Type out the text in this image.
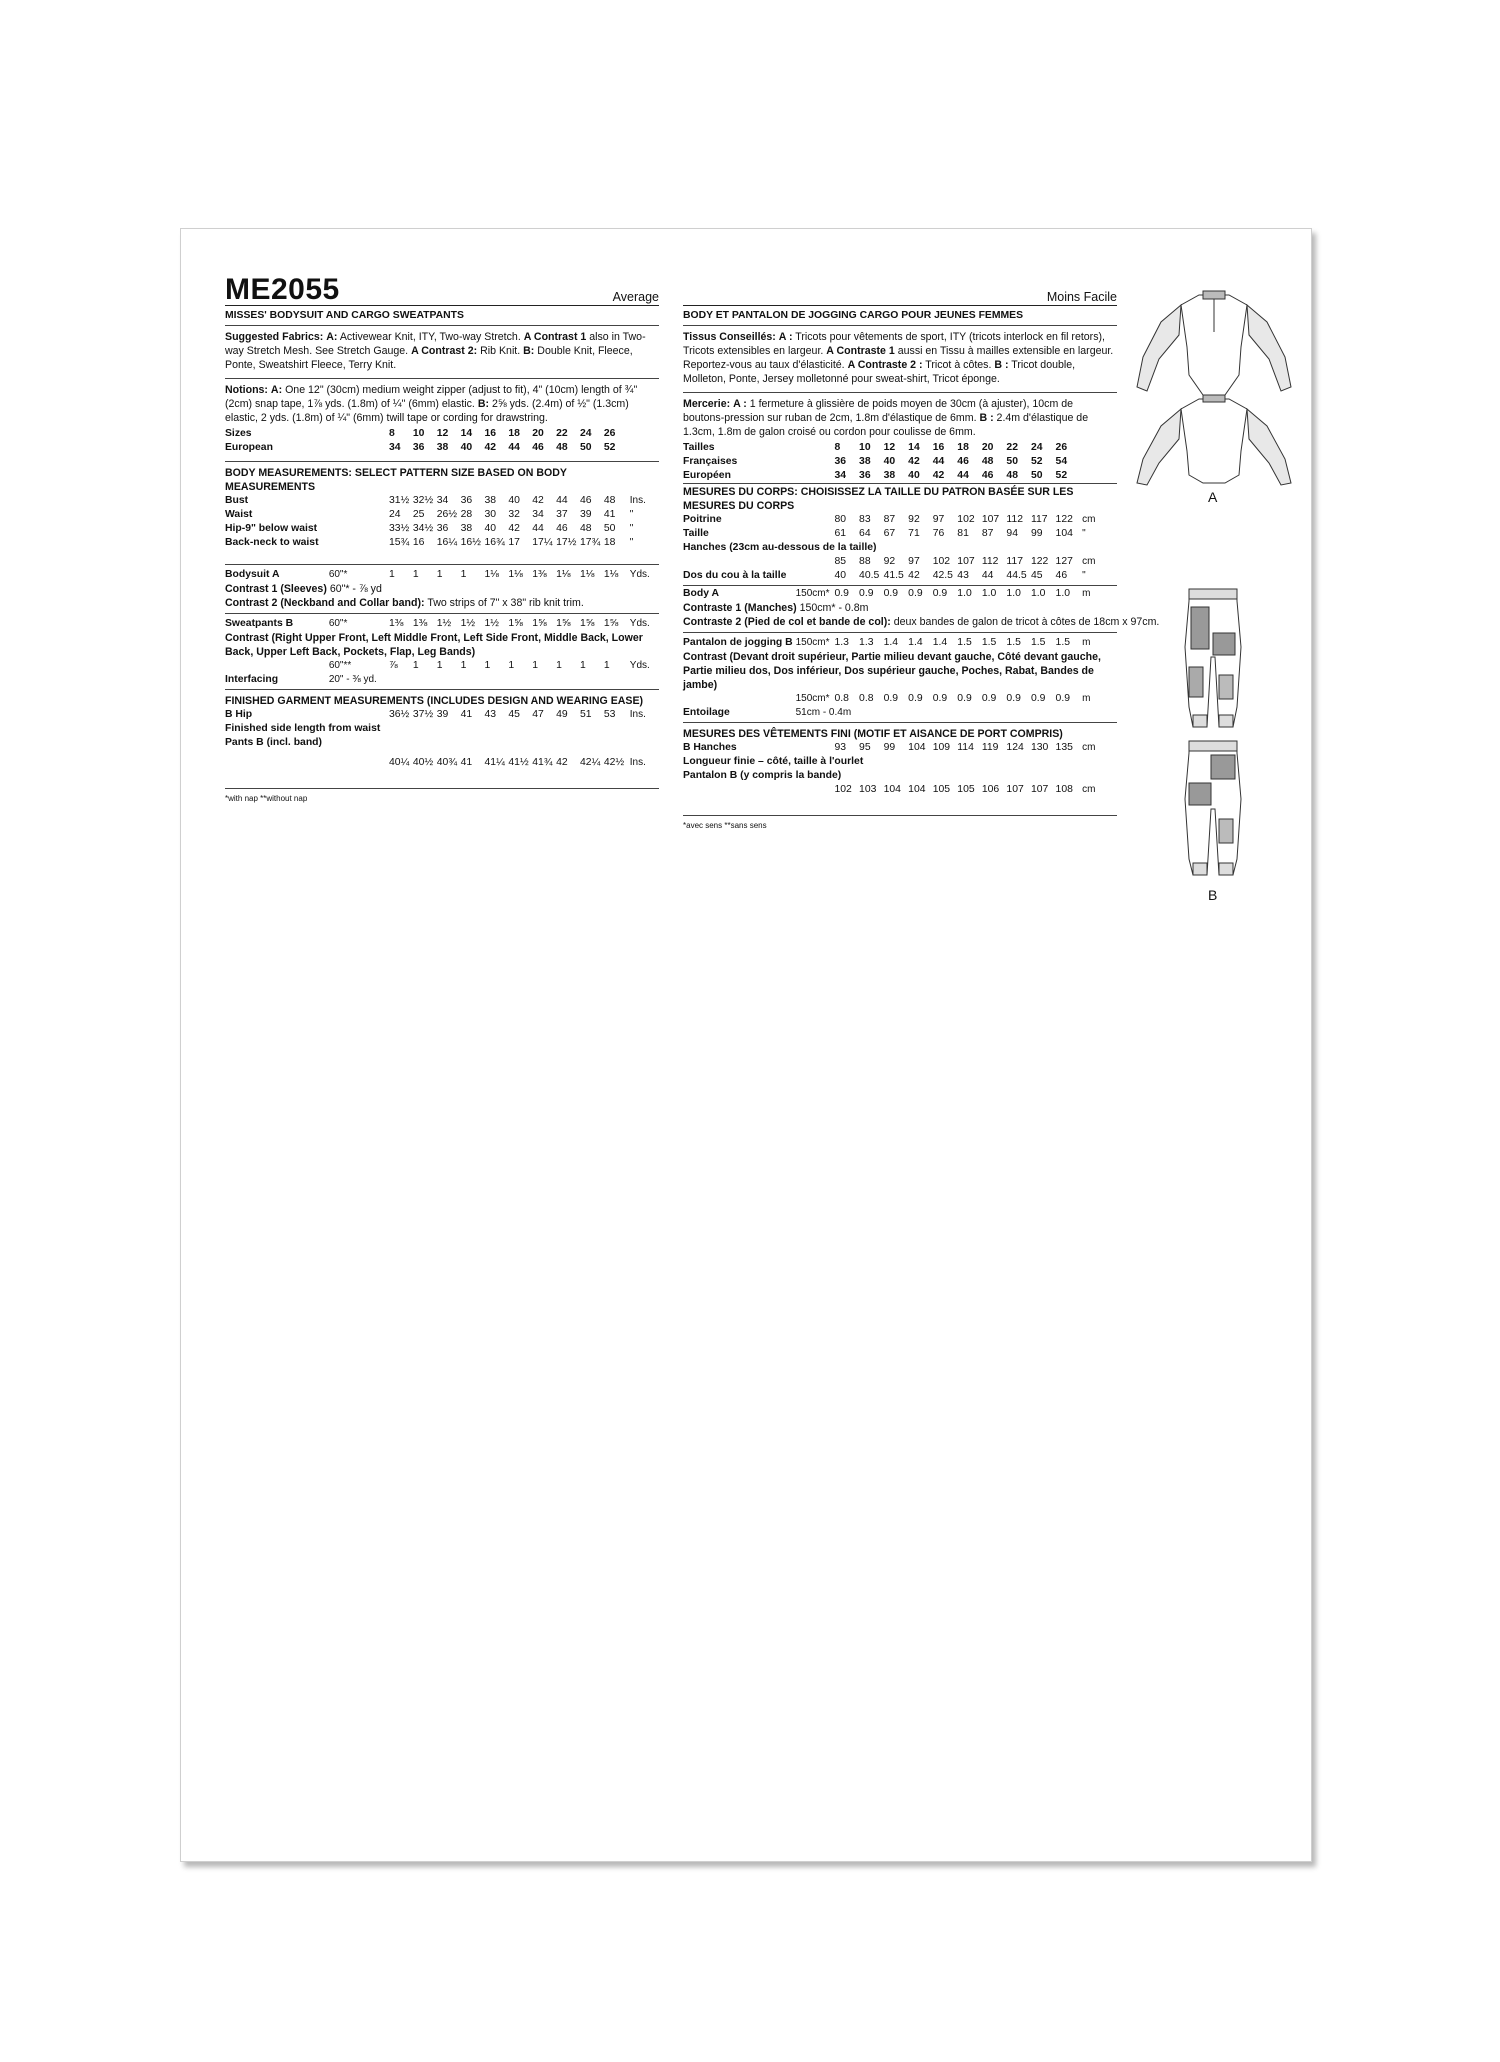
ME2055	Average
MISSES' BODYSUIT AND CARGO SWEATPANTS
Suggested Fabrics: A: Activewear Knit, ITY, Two-way Stretch. A Contrast 1 also in Two-way Stretch Mesh. See Stretch Gauge. A Contrast 2: Rib Knit. B: Double Knit, Fleece, Ponte, Sweatshirt Fleece, Terry Knit.
Notions: A: One 12" (30cm) medium weight zipper (adjust to fit), 4" (10cm) length of ¾" (2cm) snap tape, 1⅞ yds. (1.8m) of ¼" (6mm) elastic. B: 2⅝ yds. (2.4m) of ½" (1.3cm) elastic, 2 yds. (1.8m) of ¼" (6mm) twill tape or cording for drawstring.
Sizes		8	10	12	14	16	18	20	22	24	26	
European		34	36	38	40	42	44	46	48	50	52	
BODY MEASUREMENTS: SELECT PATTERN SIZE BASED ON BODY MEASUREMENTS
Bust		31½	32½	34	36	38	40	42	44	46	48	Ins.
Waist		24	25	26½	28	30	32	34	37	39	41	"
Hip-9" below waist		33½	34½	36	38	40	42	44	46	48	50	"
Back-neck to waist		15¾	16	16¼	16½	16¾	17	17¼	17½	17¾	18	"
Bodysuit A	60"*	1	1	1	1	1⅛	1⅛	1⅜	1⅛	1⅛	1⅛	Yds.
Contrast 1 (Sleeves) 60"* - ⅞ yd
Contrast 2 (Neckband and Collar band): Two strips of 7" x 38" rib knit trim.
Sweatpants B	60"*	1⅜	1⅜	1½	1½	1½	1⅝	1⅝	1⅝	1⅝	1⅝	Yds.
Contrast (Right Upper Front, Left Middle Front, Left Side Front, Middle Back, Lower Back, Upper Left Back, Pockets, Flap, Leg Bands)
	60"**	⅞	1	1	1	1	1	1	1	1	1	Yds.
Interfacing	20" - ⅜ yd.											
FINISHED GARMENT MEASUREMENTS (INCLUDES DESIGN AND WEARING EASE)
B Hip		36½	37½	39	41	43	45	47	49	51	53	Ins.
Finished side length from waist												
Pants B (incl. band)												
		40¼	40½	40¾	41	41¼	41½	41¾	42	42¼	42½	Ins.
*with nap **without nap
Moins Facile
BODY ET PANTALON DE JOGGING CARGO POUR JEUNES FEMMES
Tissus Conseillés: A : Tricots pour vêtements de sport, ITY (tricots interlock en fil retors), Tricots extensibles en largeur. A Contraste 1 aussi en Tissu à mailles extensible en largeur. Reportez-vous au taux d'élasticité. A Contraste 2 : Tricot à côtes. B : Tricot double, Molleton, Ponte, Jersey molletonné pour sweat-shirt, Tricot éponge.
Mercerie: A : 1 fermeture à glissière de poids moyen de 30cm (à ajuster), 10cm de boutons-pression sur ruban de 2cm, 1.8m d'élastique de 6mm. B : 2.4m d'élastique de 1.3cm, 1.8m de galon croisé ou cordon pour coulisse de 6mm.
Tailles		8	10	12	14	16	18	20	22	24	26	
Françaises		36	38	40	42	44	46	48	50	52	54	
Européen		34	36	38	40	42	44	46	48	50	52	
MESURES DU CORPS: CHOISISSEZ LA TAILLE DU PATRON BASÉE SUR LES MESURES DU CORPS
Poitrine		80	83	87	92	97	102	107	112	117	122	cm
Taille		61	64	67	71	76	81	87	94	99	104	"
Hanches (23cm au-dessous de la taille)												
		85	88	92	97	102	107	112	117	122	127	cm
Dos du cou à la taille		40	40.5	41.5	42	42.5	43	44	44.5	45	46	"
Body A	150cm*	0.9	0.9	0.9	0.9	0.9	1.0	1.0	1.0	1.0	1.0	m
Contraste 1 (Manches) 150cm* - 0.8m
Contraste 2 (Pied de col et bande de col): deux bandes de galon de tricot à côtes de 18cm x 97cm.
Pantalon de jogging B	150cm*	1.3	1.3	1.4	1.4	1.4	1.5	1.5	1.5	1.5	1.5	m
Contrast (Devant droit supérieur, Partie milieu devant gauche, Côté devant gauche, Partie milieu dos, Dos inférieur, Dos supérieur gauche, Poches, Rabat, Bandes de jambe)
	150cm*	0.8	0.8	0.9	0.9	0.9	0.9	0.9	0.9	0.9	0.9	m
Entoilage	51cm - 0.4m											
MESURES DES VÊTEMENTS FINI (MOTIF ET AISANCE DE PORT COMPRIS)
B Hanches		93	95	99	104	109	114	119	124	130	135	cm
Longueur finie – côté, taille à l'ourlet												
Pantalon B (y compris la bande)												
		102	103	104	104	105	105	106	107	107	108	cm
*avec sens **sans sens
A
B
